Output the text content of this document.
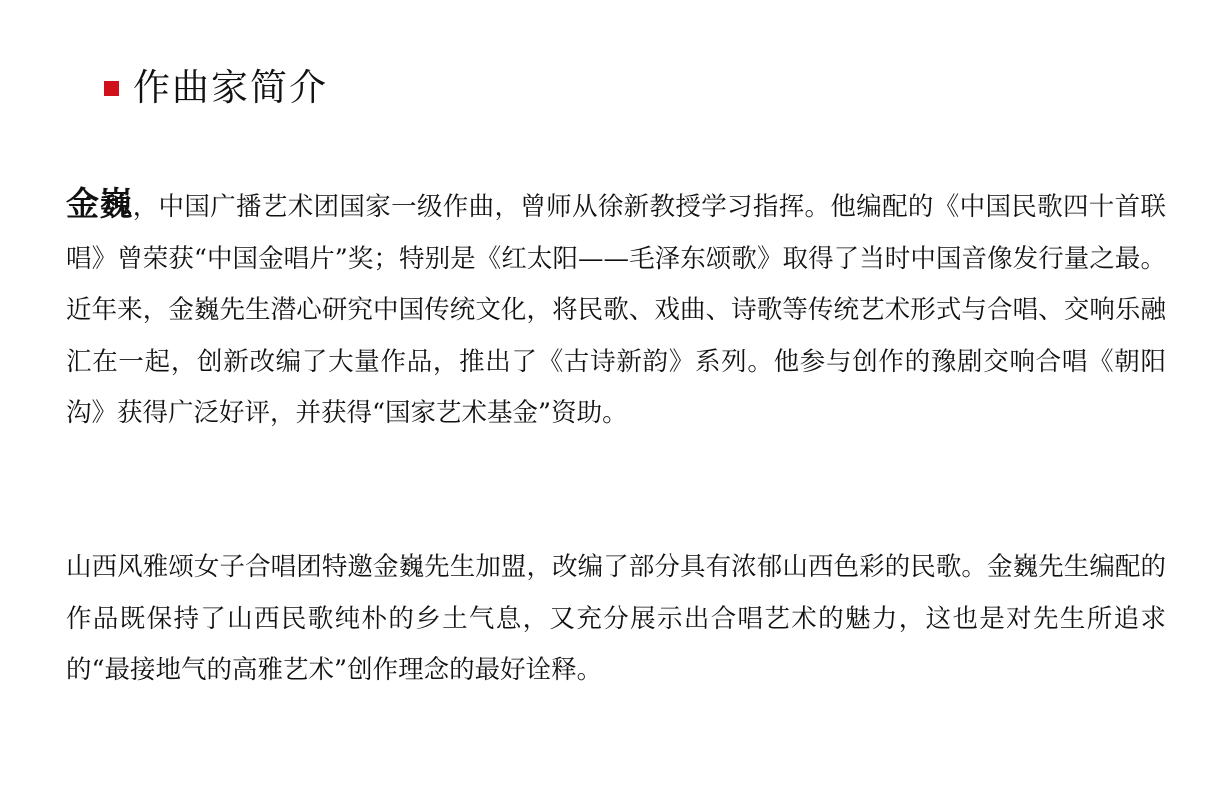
作曲家简介

金巍，中国广播艺术团国家一级作曲，曾师从徐新教授学习指挥。他编配的《中国民歌四十首联唱》曾荣获“中国金唱片”奖；特别是《红太阳——毛泽东颂歌》取得了当时中国音像发行量之最。近年来，金巍先生潜心研究中国传统文化，将民歌、戏曲、诗歌等传统艺术形式与合唱、交响乐融汇在一起，创新改编了大量作品，推出了《古诗新韵》系列。他参与创作的豫剧交响合唱《朝阳沟》获得广泛好评，并获得“国家艺术基金”资助。

山西风雅颂女子合唱团特邀金巍先生加盟，改编了部分具有浓郁山西色彩的民歌。金巍先生编配的作品既保持了山西民歌纯朴的乡土气息，又充分展示出合唱艺术的魅力，这也是对先生所追求的“最接地气的高雅艺术”创作理念的最好诠释。
